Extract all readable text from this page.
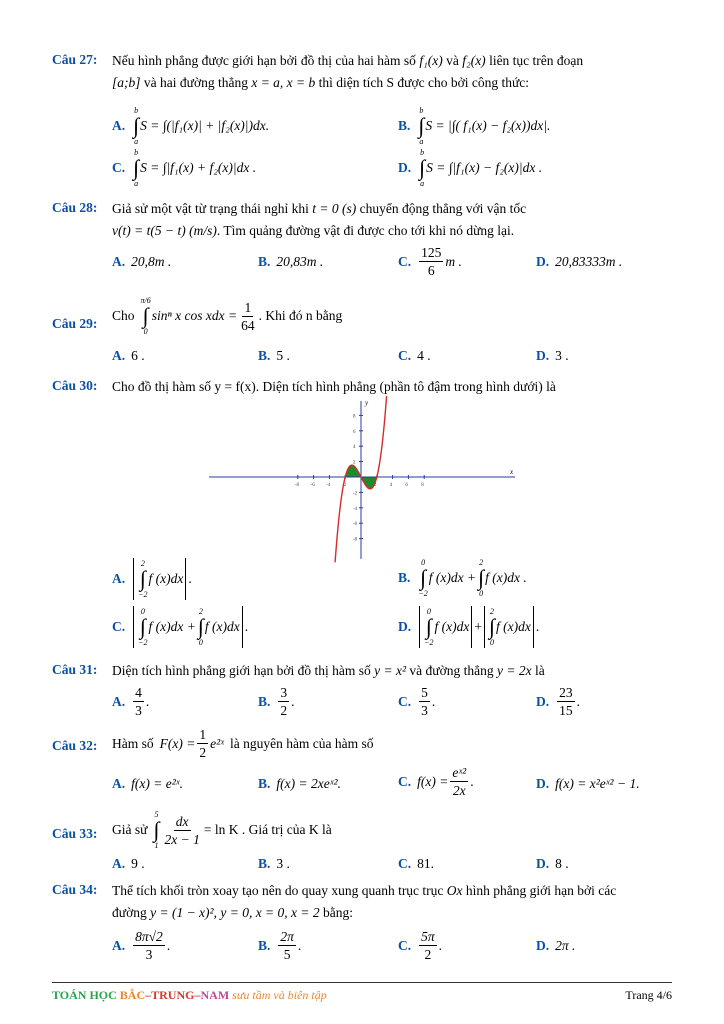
Câu 27: Nếu hình phẳng được giới hạn bởi đồ thị của hai hàm số f₁(x) và f₂(x) liên tục trên đoạn
[a;b] và hai đường thẳng x = a, x = b thì diện tích S được cho bởi công thức:
A.
b
∫
a
S = ∫(|f₁(x)| + |f₂(x)|)dx.	B.
b
∫
a
S = |∫( f₁(x) − f₂(x))dx|.
C.
b
∫
a
S = ∫|f₁(x) + f₂(x)|dx .	D.
b
∫
a
S = ∫|f₁(x) − f₂(x)|dx .
Câu 28: Giả sử một vật từ trạng thái nghỉ khi t = 0 (s) chuyển động thẳng với vận tốc
v(t) = t(5 − t) (m/s). Tìm quảng đường vật đi được cho tới khi nó dừng lại.
A. 20,8m .	B. 20,83m .	C. $\frac{125}{6}$ m .	D. 20,83333m .
Câu 29:
Cho
π/6
∫
0
sinⁿ x cos xdx = $\frac{1}{64}$ . Khi đó n bằng
A. 6 .	B. 5 .	C. 4 .	D. 3 .
Câu 30: Cho đồ thị hàm số y = f(x). Diện tích hình phẳng (phần tô đậm trong hình dưới) là
-8 -6 -4 -2	2	4	6	8
8
6
4
2
-2
-4
-6
-8
x
y
A.
2
∫
−2
f (x)dx .	B.
0
∫
−2
f (x)dx +
2
∫
0
f (x)dx .
C.
0
∫
−2
f (x)dx +
2
∫
0
f (x)dx .	D.
0
∫
−2
f (x)dx +
2
∫
0
f (x)dx .
Câu 31: Diện tích hình phẳng giới hạn bởi đồ thị hàm số y = x² và đường thẳng y = 2x là
A. $\frac{4}{3}$ .	B. $\frac{3}{2}$ .	C. $\frac{5}{3}$ .	D. $\frac{23}{15}$ .
Câu 32: Hàm số $F(x) = \frac{1}{2}$ e²ˣ là nguyên hàm của hàm số
A. f(x) = e²ˣ.	B. f(x) = 2xeˣ².	C. $f(x) = \frac{\text{eˣ²}}{2x}$ .	D. f(x) = x²eˣ² − 1.
Câu 33: Giả sử
5
∫
$1 \frac{dx}{2x - 1} = \ln K$ . Giá trị của K là
A. 9 .	B. 3 .	C. 81.	D. 8 .
Câu 34: Thể tích khối tròn xoay tạo nên do quay xung quanh trục trục Ox hình phẳng giới hạn bởi các
đường y = (1 − x)², y = 0, x = 0, x = 2 bằng:
A. $\frac{8\pi√2}{3}$ .	B. $\frac{2\pi}{5}$ .	C. $\frac{5\pi}{2}$ .	D. 2π .
TOÁN HỌC BẮC–TRUNG–NAM sưu tầm và biên tập	Trang 4/6
